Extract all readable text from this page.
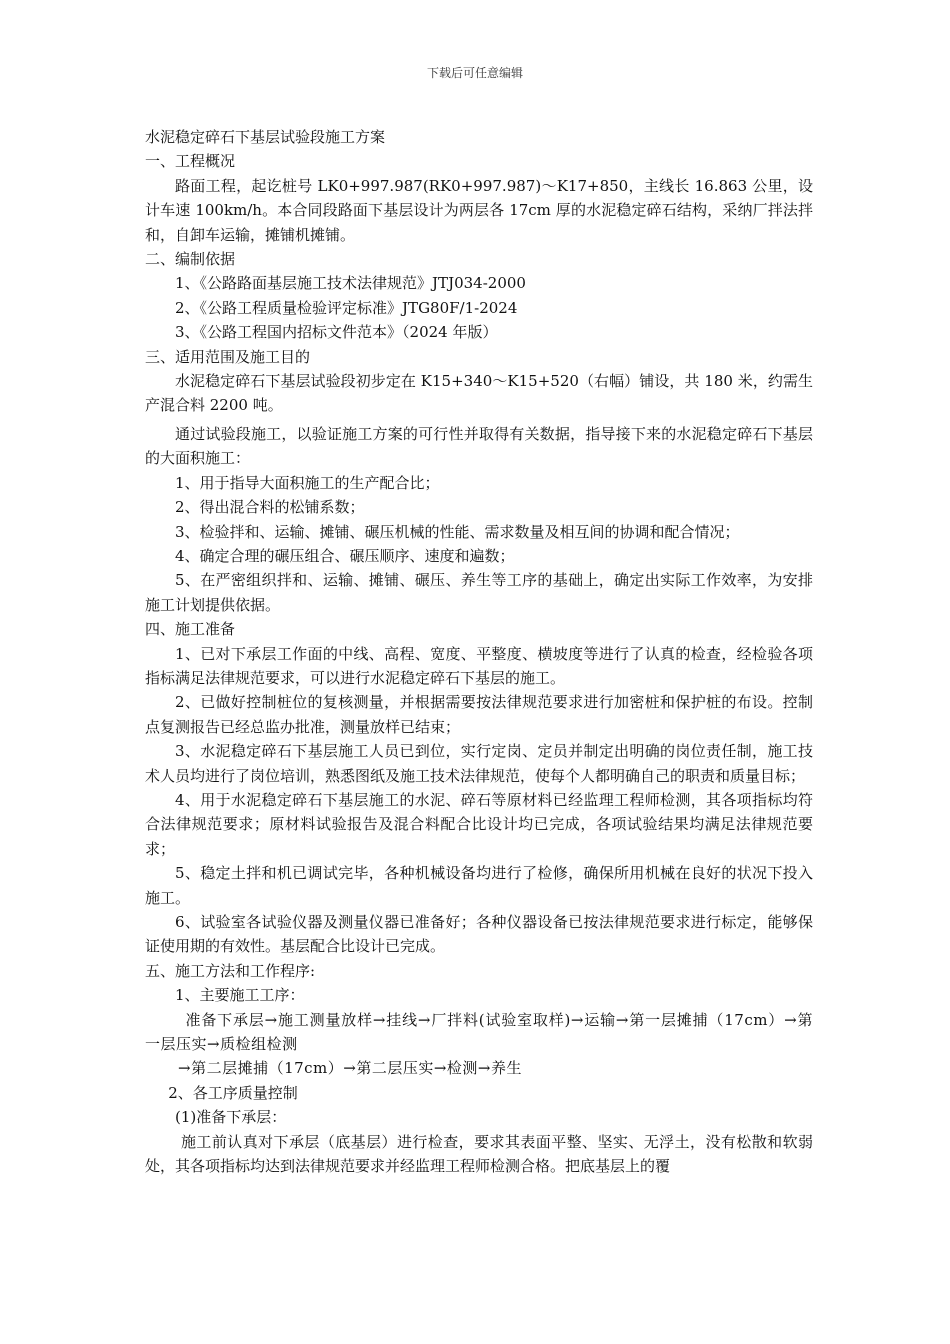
下载后可任意编辑

水泥稳定碎石下基层试验段施工方案

一、工程概况

路面工程，起讫桩号 LK0+997.987(RK0+997.987)～K17+850，主线长 16.863 公里，设计车速 100km/h。本合同段路面下基层设计为两层各 17cm 厚的水泥稳定碎石结构，采纳厂拌法拌和，自卸车运输，摊铺机摊铺。

二、编制依据

1、《公路路面基层施工技术法律规范》JTJ034-2000

2、《公路工程质量检验评定标准》JTG80F/1-2024

3、《公路工程国内招标文件范本》（2024 年版）

三、适用范围及施工目的

水泥稳定碎石下基层试验段初步定在 K15+340～K15+520（右幅）铺设，共 180 米，约需生产混合料 2200 吨。

通过试验段施工，以验证施工方案的可行性并取得有关数据，指导接下来的水泥稳定碎石下基层的大面积施工：

1、用于指导大面积施工的生产配合比；

2、得出混合料的松铺系数；

3、检验拌和、运输、摊铺、碾压机械的性能、需求数量及相互间的协调和配合情况；

4、确定合理的碾压组合、碾压顺序、速度和遍数；

5、在严密组织拌和、运输、摊铺、碾压、养生等工序的基础上，确定出实际工作效率，为安排施工计划提供依据。

四、施工准备

1、已对下承层工作面的中线、高程、宽度、平整度、横坡度等进行了认真的检查，经检验各项指标满足法律规范要求，可以进行水泥稳定碎石下基层的施工。

2、已做好控制桩位的复核测量，并根据需要按法律规范要求进行加密桩和保护桩的布设。控制点复测报告已经总监办批准，测量放样已结束；

3、水泥稳定碎石下基层施工人员已到位，实行定岗、定员并制定出明确的岗位责任制，施工技术人员均进行了岗位培训，熟悉图纸及施工技术法律规范，使每个人都明确自己的职责和质量目标；

4、用于水泥稳定碎石下基层施工的水泥、碎石等原材料已经监理工程师检测，其各项指标均符合法律规范要求；原材料试验报告及混合料配合比设计均已完成，各项试验结果均满足法律规范要求；

5、稳定土拌和机已调试完毕，各种机械设备均进行了检修，确保所用机械在良好的状况下投入施工。

6、试验室各试验仪器及测量仪器已准备好；各种仪器设备已按法律规范要求进行标定，能够保证使用期的有效性。基层配合比设计已完成。

五、施工方法和工作程序:

1、主要施工工序：

准备下承层→施工测量放样→挂线→厂拌料(试验室取样)→运输→第一层摊捕（17cm）→第一层压实→质检组检测

→第二层摊捕（17cm）→第二层压实→检测→养生

2、各工序质量控制

(1)准备下承层：

施工前认真对下承层（底基层）进行检查，要求其表面平整、坚实、无浮土，没有松散和软弱处，其各项指标均达到法律规范要求并经监理工程师检测合格。把底基层上的覆
